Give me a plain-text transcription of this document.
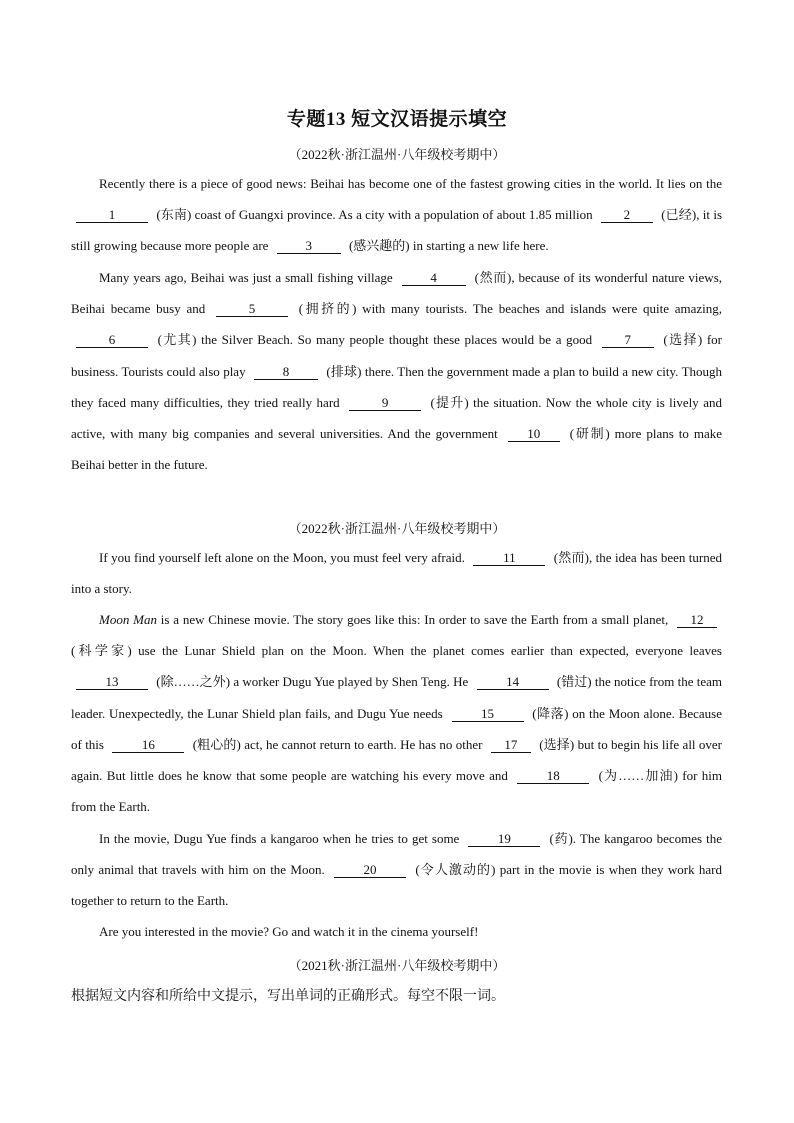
专题13 短文汉语提示填空
（2022秋·浙江温州·八年级校考期中）

Recently there is a piece of good news: Beihai has become one of the fastest growing cities in the world. It lies on the 1	(东南) coast of Guangxi province. As a city with a population of about 1.85 million 2 (已经), it is still growing because more people are	3	(感兴趣的) in starting a new life here.

Many years ago, Beihai was just a small fishing village	4	(然而), because of its wonderful nature views, Beihai became busy and	5	(拥挤的) with many tourists. The beaches and islands were quite amazing, 6	(尤其) the Silver Beach. So many people thought these places would be a good 7 (选择) for business. Tourists could also play	8	(排球) there. Then the government made a plan to build a new city. Though they faced many difficulties, they tried really hard	9	(提升) the situation. Now the whole city is lively and active, with many big companies and several universities. And the government 10 (研制) more plans to make Beihai better in the future.

（2022秋·浙江温州·八年级校考期中）

If you find yourself left alone on the Moon, you must feel very afraid.	11	(然而), the idea has been turned into a story.

Moon Man is a new Chinese movie. The story goes like this: In order to save the Earth from a small planet, 12 (科学家) use the Lunar Shield plan on the Moon. When the planet comes earlier than expected, everyone leaves 13	(除……之外) a worker Dugu Yue played by Shen Teng. He	14	(错过) the notice from the team leader. Unexpectedly, the Lunar Shield plan fails, and Dugu Yue needs	15	(降落) on the Moon alone. Because of this	16	(粗心的) act, he cannot return to earth. He has no other 17 (选择) but to begin his life all over again. But little does he know that some people are watching his every move and	18	(为……加油) for him from the Earth.

In the movie, Dugu Yue finds a kangaroo when he tries to get some	19	(药). The kangaroo becomes the only animal that travels with him on the Moon.	20	(令人激动的) part in the movie is when they work hard together to return to the Earth.

Are you interested in the movie? Go and watch it in the cinema yourself!

（2021秋·浙江温州·八年级校考期中）
根据短文内容和所给中文提示，写出单词的正确形式。每空不限一词。
